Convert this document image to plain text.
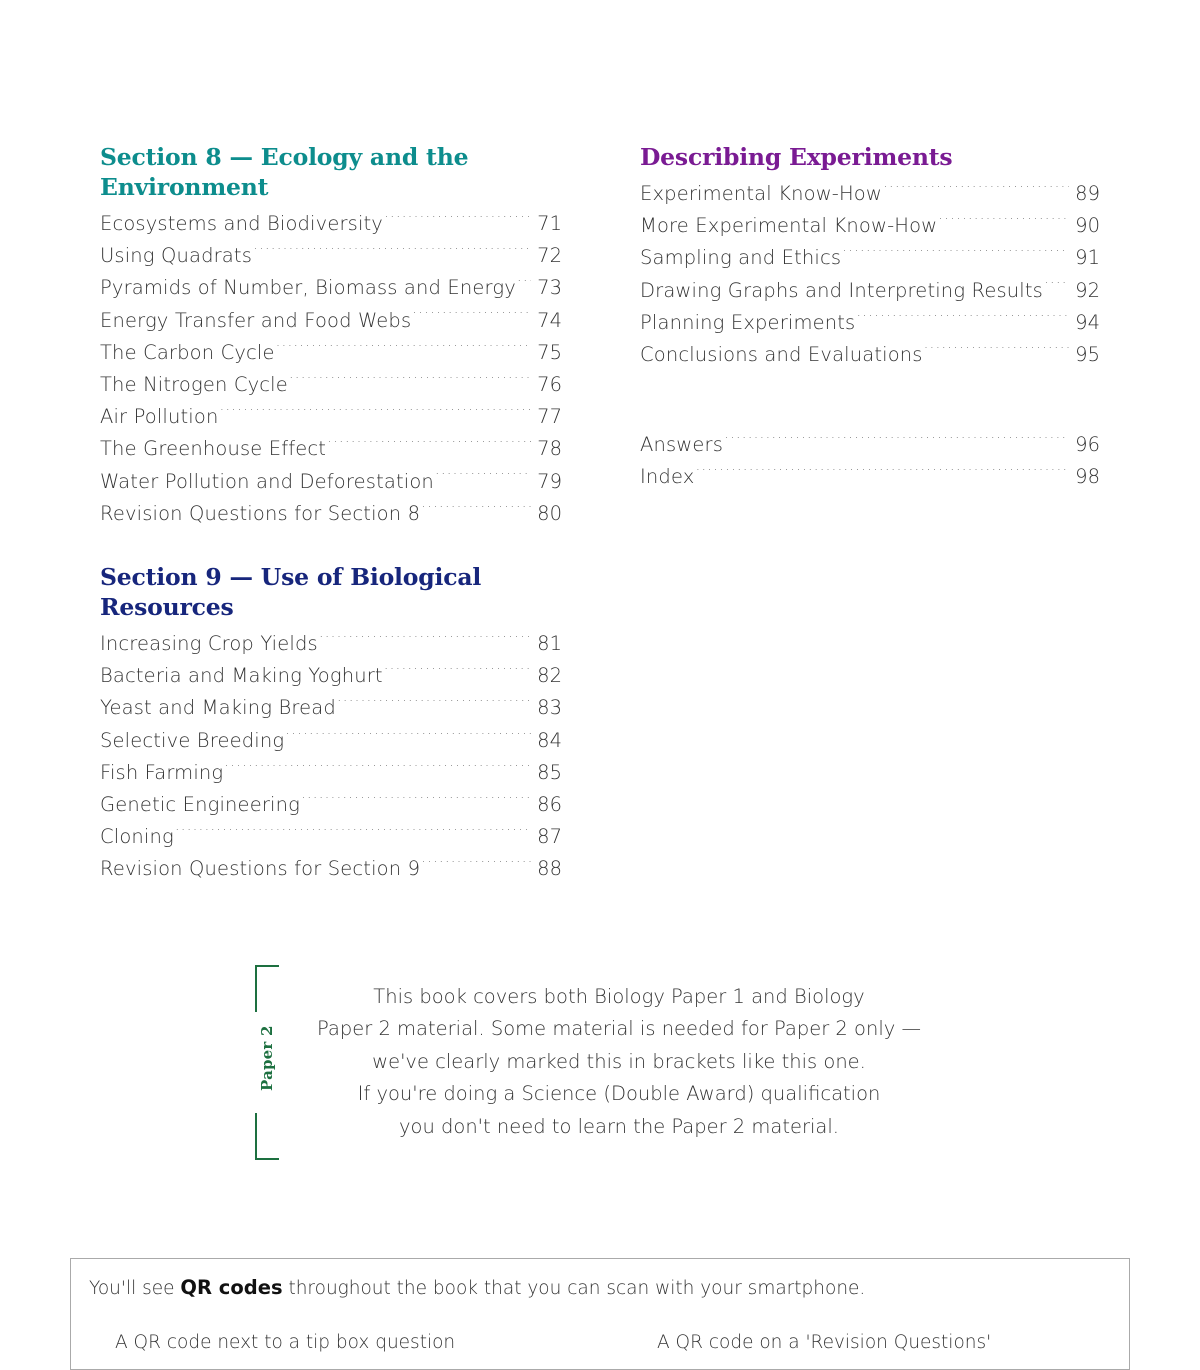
Section 8 — Ecology and the Environment
Ecosystems and Biodiversity .....	71
Using Quadrats .....	72
Pyramids of Number, Biomass and Energy ..... 73
Energy Transfer and Food Webs .....	74
The Carbon Cycle .....	75
The Nitrogen Cycle .....	76
Air Pollution .....	77
The Greenhouse Effect .....	78
Water Pollution and Deforestation .....	79
Revision Questions for Section 8 .....	80
Section 9 — Use of Biological Resources
Increasing Crop Yields .....	81
Bacteria and Making Yoghurt .....	82
Yeast and Making Bread .....	83
Selective Breeding .....	84
Fish Farming .....	85
Genetic Engineering .....	86
Cloning .....	87
Revision Questions for Section 9 .....	88
Describing Experiments
Experimental Know-How .....	89
More Experimental Know-How .....	90
Sampling and Ethics .....	91
Drawing Graphs and Interpreting Results ..... 92
Planning Experiments .....	94
Conclusions and Evaluations .....	95
Answers .....	96
Index .....	98
Paper 2
This book covers both Biology Paper 1 and Biology
Paper 2 material. Some material is needed for Paper 2 only —
we've clearly marked this in brackets like this one.
If you're doing a Science (Double Award) qualification
you don't need to learn the Paper 2 material.
You'll see QR codes throughout the book that you can scan with your smartphone.
A QR code next to a tip box question	A QR code on a 'Revision Questions'
